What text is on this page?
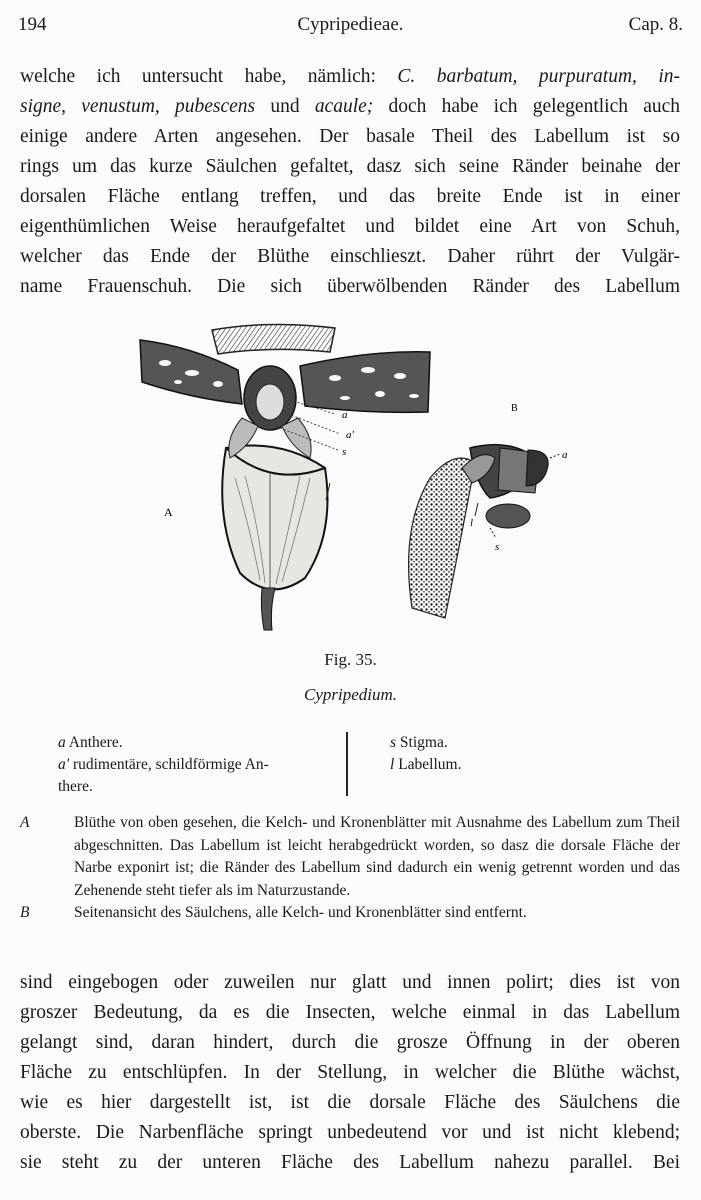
194	Cypripedieae.	Cap. 8.
welche ich untersucht habe, nämlich: C. barbatum, purpuratum, in-
signe, venustum, pubescens und acaule; doch habe ich gelegentlich auch
einige andere Arten angesehen. Der basale Theil des Labellum ist so
rings um das kurze Säulchen gefaltet, dasz sich seine Ränder beinahe der
dorsalen Fläche entlang treffen, und das breite Ende ist in einer
eigenthümlichen Weise heraufgefaltet und bildet eine Art von Schuh,
welcher das Ende der Blüthe einschlieszt. Daher rührt der Vulgär-
name Frauenschuh. Die sich überwölbenden Ränder des Labellum
a
a'
s
A
B
a
l
s
Fig. 35.
Cypripedium.
a Anthere.
a' rudimentäre, schildförmige An-
there.
s Stigma.
l Labellum.
A	Blüthe von oben gesehen, die Kelch- und Kronenblätter mit Ausnahme des Labellum zum Theil abgeschnitten. Das Labellum ist leicht herabgedrückt worden, so dasz die dorsale Fläche der Narbe exponirt ist; die Ränder des Labellum sind dadurch ein wenig getrennt worden und das Zehenende steht tiefer als im Naturzustande.
B	Seitenansicht des Säulchens, alle Kelch- und Kronenblätter sind entfernt.
sind eingebogen oder zuweilen nur glatt und innen polirt; dies ist von
groszer Bedeutung, da es die Insecten, welche einmal in das Labellum
gelangt sind, daran hindert, durch die grosze Öffnung in der oberen
Fläche zu entschlüpfen. In der Stellung, in welcher die Blüthe wächst,
wie es hier dargestellt ist, ist die dorsale Fläche des Säulchens die
oberste. Die Narbenfläche springt unbedeutend vor und ist nicht klebend;
sie steht zu der unteren Fläche des Labellum nahezu parallel. Bei
